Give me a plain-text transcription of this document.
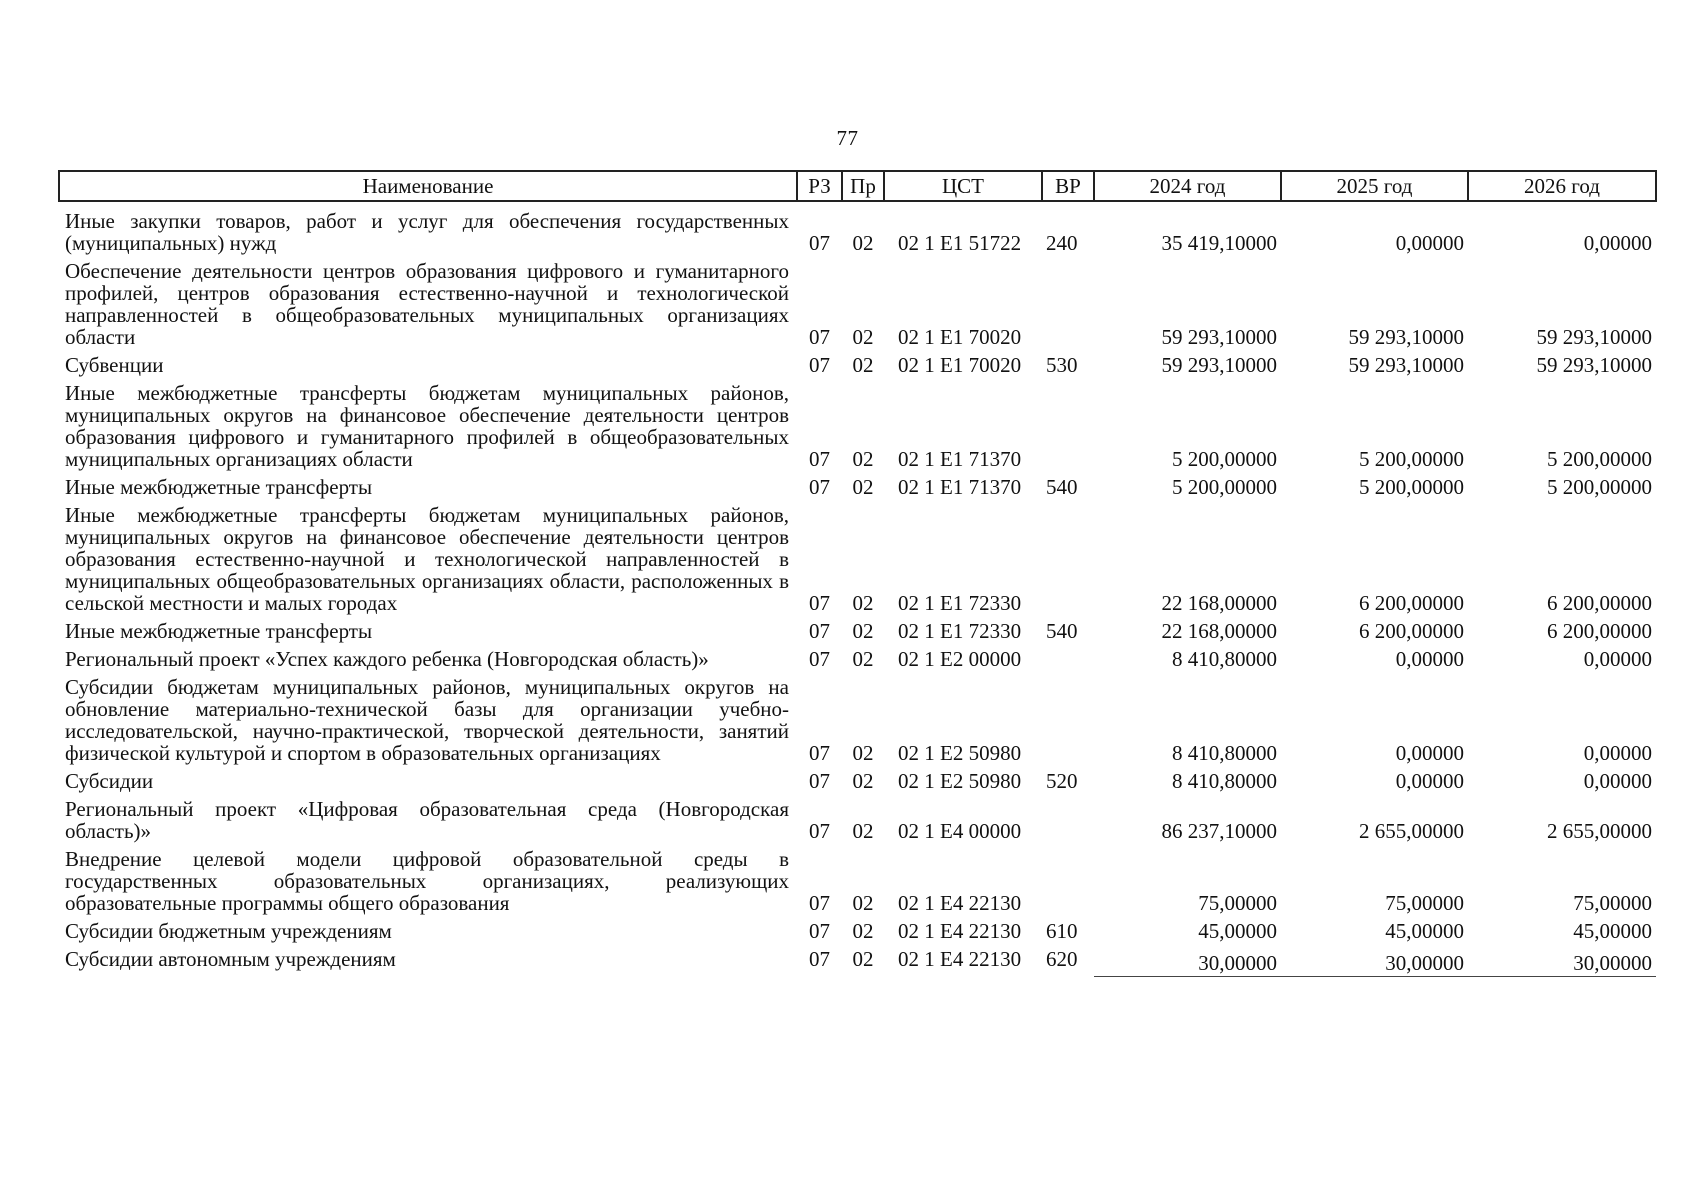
77
Наименование	РЗ	Пр	ЦСТ	ВР	2024 год	2025 год	2026 год
Иные закупки товаров, работ и услуг для обеспечения государственных (муниципальных) нужд	07	02	02 1 Е1 51722	240	35 419,10000	0,00000	0,00000
Обеспечение деятельности центров образования цифрового и гуманитарного профилей, центров образования естественно-научной и технологической направленностей в общеобразовательных муниципальных организациях области	07	02	02 1 Е1 70020		59 293,10000	59 293,10000	59 293,10000
Субвенции	07	02	02 1 Е1 70020	530	59 293,10000	59 293,10000	59 293,10000
Иные межбюджетные трансферты бюджетам муниципальных районов, муниципальных округов на финансовое обеспечение деятельности центров образования цифрового и гуманитарного профилей в общеобразовательных муниципальных организациях области	07	02	02 1 Е1 71370		5 200,00000	5 200,00000	5 200,00000
Иные межбюджетные трансферты	07	02	02 1 Е1 71370	540	5 200,00000	5 200,00000	5 200,00000
Иные межбюджетные трансферты бюджетам муниципальных районов, муниципальных округов на финансовое обеспечение деятельности центров образования естественно-научной и технологической направленностей в муниципальных общеобразовательных организациях области, расположенных в сельской местности и малых городах	07	02	02 1 Е1 72330		22 168,00000	6 200,00000	6 200,00000
Иные межбюджетные трансферты	07	02	02 1 Е1 72330	540	22 168,00000	6 200,00000	6 200,00000
Региональный проект «Успех каждого ребенка (Новгородская область)»	07	02	02 1 Е2 00000		8 410,80000	0,00000	0,00000
Субсидии бюджетам муниципальных районов, муниципальных округов на обновление материально-технической базы для организации учебно-исследовательской, научно-практической, творческой деятельности, занятий физической культурой и спортом в образовательных организациях	07	02	02 1 Е2 50980		8 410,80000	0,00000	0,00000
Субсидии	07	02	02 1 Е2 50980	520	8 410,80000	0,00000	0,00000
Региональный проект «Цифровая образовательная среда (Новгородская область)»	07	02	02 1 Е4 00000		86 237,10000	2 655,00000	2 655,00000
Внедрение целевой модели цифровой образовательной среды в государственных образовательных организациях, реализующих образовательные программы общего образования	07	02	02 1 Е4 22130		75,00000	75,00000	75,00000
Субсидии бюджетным учреждениям	07	02	02 1 Е4 22130	610	45,00000	45,00000	45,00000
Субсидии автономным учреждениям	07	02	02 1 Е4 22130	620	30,00000	30,00000	30,00000
